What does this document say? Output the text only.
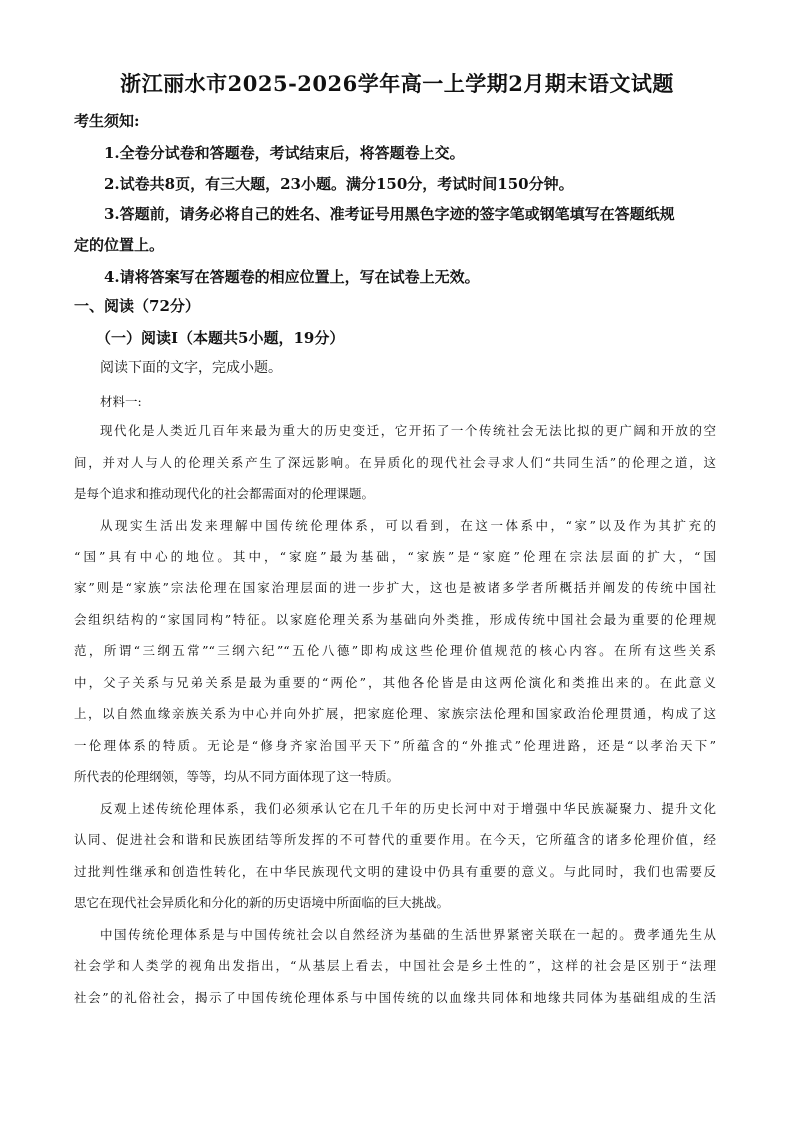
浙江丽水市2025-2026学年高一上学期2月期末语文试题
考生须知:
1.全卷分试卷和答题卷，考试结束后，将答题卷上交。
2.试卷共8页，有三大题，23小题。满分150分，考试时间150分钟。
3.答题前，请务必将自己的姓名、准考证号用黑色字迹的签字笔或钢笔填写在答题纸规
定的位置上。
4.请将答案写在答题卷的相应位置上，写在试卷上无效。
一、阅读（72分）
（一）阅读Ⅰ（本题共5小题，19分）
阅读下面的文字，完成小题。
材料一:
现代化是人类近几百年来最为重大的历史变迁，它开拓了一个传统社会无法比拟的更广阔和开放的空
间，并对人与人的伦理关系产生了深远影响。在异质化的现代社会寻求人们“共同生活”的伦理之道，这
是每个追求和推动现代化的社会都需面对的伦理课题。
从现实生活出发来理解中国传统伦理体系，可以看到，在这一体系中，“家”以及作为其扩充的
“国”具有中心的地位。其中，“家庭”最为基础，“家族”是“家庭”伦理在宗法层面的扩大，“国
家”则是“家族”宗法伦理在国家治理层面的进一步扩大，这也是被诸多学者所概括并阐发的传统中国社
会组织结构的“家国同构”特征。以家庭伦理关系为基础向外类推，形成传统中国社会最为重要的伦理规
范，所谓“三纲五常”“三纲六纪”“五伦八德”即构成这些伦理价值规范的核心内容。在所有这些关系
中，父子关系与兄弟关系是最为重要的“两伦”，其他各伦皆是由这两伦演化和类推出来的。在此意义
上，以自然血缘亲族关系为中心并向外扩展，把家庭伦理、家族宗法伦理和国家政治伦理贯通，构成了这
一伦理体系的特质。无论是“修身齐家治国平天下”所蕴含的“外推式”伦理进路，还是“以孝治天下”
所代表的伦理纲领，等等，均从不同方面体现了这一特质。
反观上述传统伦理体系，我们必须承认它在几千年的历史长河中对于增强中华民族凝聚力、提升文化
认同、促进社会和谐和民族团结等所发挥的不可替代的重要作用。在今天，它所蕴含的诸多伦理价值，经
过批判性继承和创造性转化，在中华民族现代文明的建设中仍具有重要的意义。与此同时，我们也需要反
思它在现代社会异质化和分化的新的历史语境中所面临的巨大挑战。
中国传统伦理体系是与中国传统社会以自然经济为基础的生活世界紧密关联在一起的。费孝通先生从
社会学和人类学的视角出发指出，“从基层上看去，中国社会是乡土性的”，这样的社会是区别于“法理
社会”的礼俗社会，揭示了中国传统伦理体系与中国传统的以血缘共同体和地缘共同体为基础组成的生活
